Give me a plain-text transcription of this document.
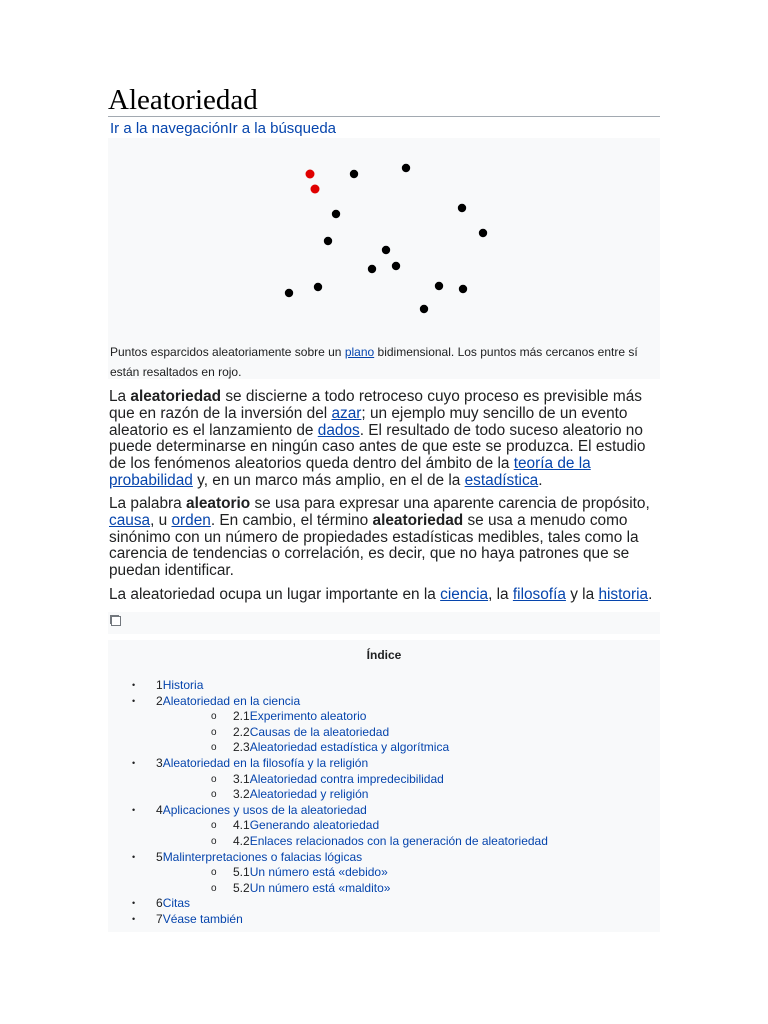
Aleatoriedad
Ir a la navegaciónIr a la búsqueda
Puntos esparcidos aleatoriamente sobre un plano bidimensional. Los puntos más cercanos entre sí están resaltados en rojo.
La aleatoriedad se discierne a todo retroceso cuyo proceso es previsible más que en razón de la inversión del azar; un ejemplo muy sencillo de un evento aleatorio es el lanzamiento de dados. El resultado de todo suceso aleatorio no puede determinarse en ningún caso antes de que este se produzca. El estudio de los fenómenos aleatorios queda dentro del ámbito de la teoría de la probabilidad y, en un marco más amplio, en el de la estadística.
La palabra aleatorio se usa para expresar una aparente carencia de propósito, causa, u orden. En cambio, el término aleatoriedad se usa a menudo como sinónimo con un número de propiedades estadísticas medibles, tales como la carencia de tendencias o correlación, es decir, que no haya patrones que se puedan identificar.
La aleatoriedad ocupa un lugar importante en la ciencia, la filosofía y la historia.
Índice
• 1Historia
• 2Aleatoriedad en la ciencia
o 2.1Experimento aleatorio
o 2.2Causas de la aleatoriedad
o 2.3Aleatoriedad estadística y algorítmica
• 3Aleatoriedad en la filosofía y la religión
o 3.1Aleatoriedad contra impredecibilidad
o 3.2Aleatoriedad y religión
• 4Aplicaciones y usos de la aleatoriedad
o 4.1Generando aleatoriedad
o 4.2Enlaces relacionados con la generación de aleatoriedad
• 5Malinterpretaciones o falacias lógicas
o 5.1Un número está «debido»
o 5.2Un número está «maldito»
• 6Citas
• 7Véase también
